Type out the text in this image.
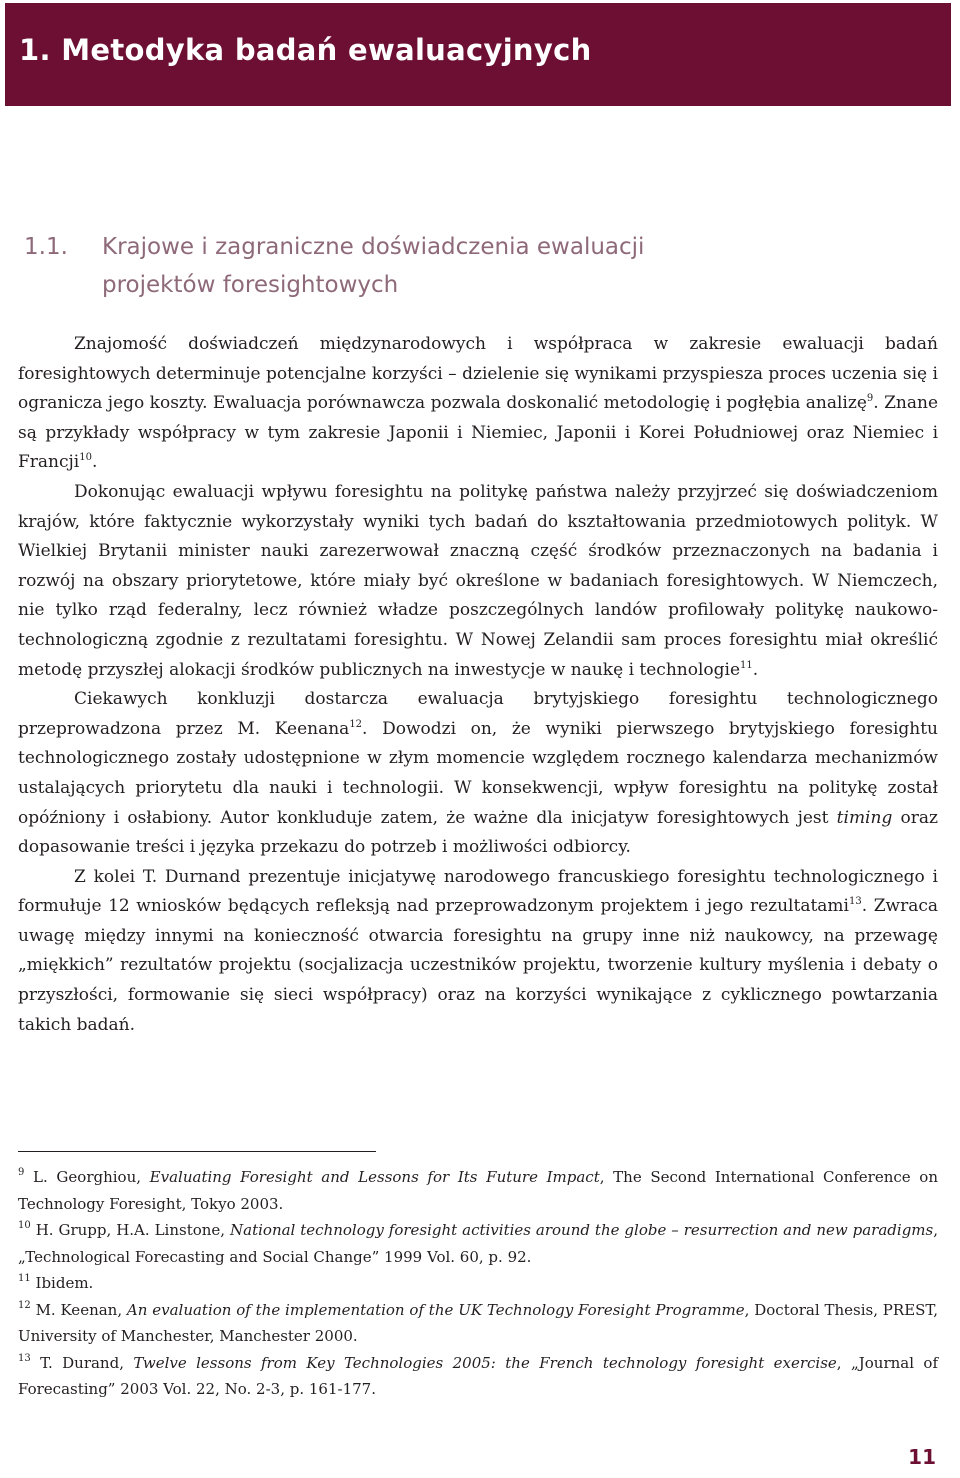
1. Metodyka badań ewaluacyjnych
1.1. Krajowe i zagraniczne doświadczenia ewaluacji
projektów foresightowych

Znajomość doświadczeń międzynarodowych i współpraca w zakresie ewaluacji badań foresightowych determinuje potencjalne korzyści – dzielenie się wynikami przyspiesza proces uczenia się i ogranicza jego koszty. Ewaluacja porównawcza pozwala doskonalić metodologię i pogłębia analizę$^9$. Znane są przykłady współpracy w tym zakresie Japonii i Niemiec, Japonii i Korei Południowej oraz Niemiec i Francji$^{10}$.

Dokonując ewaluacji wpływu foresightu na politykę państwa należy przyjrzeć się doświadczeniom krajów, które faktycznie wykorzystały wyniki tych badań do kształtowania przedmiotowych polityk. W Wielkiej Brytanii minister nauki zarezerwował znaczną część środków przeznaczonych na badania i rozwój na obszary priorytetowe, które miały być określone w badaniach foresightowych. W Niemczech, nie tylko rząd federalny, lecz również władze poszczególnych landów profilowały politykę naukowo-technologiczną zgodnie z rezultatami foresightu. W Nowej Zelandii sam proces foresightu miał określić metodę przyszłej alokacji środków publicznych na inwestycje w naukę i technologie$^{11}$.

Ciekawych konkluzji dostarcza ewaluacja brytyjskiego foresightu technologicznego przeprowadzona przez M. Keenana$^{12}$. Dowodzi on, że wyniki pierwszego brytyjskiego foresightu technologicznego zostały udostępnione w złym momencie względem rocznego kalendarza mechanizmów ustalających priorytetu dla nauki i technologii. W konsekwencji, wpływ foresightu na politykę został opóźniony i osłabiony. Autor konkluduje zatem, że ważne dla inicjatyw foresightowych jest timing oraz dopasowanie treści i języka przekazu do potrzeb i możliwości odbiorcy.

Z kolei T. Durnand prezentuje inicjatywę narodowego francuskiego foresightu technologicznego i formułuje 12 wniosków będących refleksją nad przeprowadzonym projektem i jego rezultatami$^{13}$. Zwraca uwagę między innymi na konieczność otwarcia foresightu na grupy inne niż naukowcy, na przewagę „miękkich” rezultatów projektu (socjalizacja uczestników projektu, tworzenie kultury myślenia i debaty o przyszłości, formowanie się sieci współpracy) oraz na korzyści wynikające z cyklicznego powtarzania takich badań.

$^9$ L. Georghiou, Evaluating Foresight and Lessons for Its Future Impact, The Second International Conference on Technology Foresight, Tokyo 2003.

$^{10}$ H. Grupp, H.A. Linstone, National technology foresight activities around the globe – resurrection and new paradigms, „Technological Forecasting and Social Change” 1999 Vol. 60, p. 92.

$^{11}$ Ibidem.

$^{12}$ M. Keenan, An evaluation of the implementation of the UK Technology Foresight Programme, Doctoral Thesis, PREST, University of Manchester, Manchester 2000.

$^{13}$ T. Durand, Twelve lessons from Key Technologies 2005: the French technology foresight exercise, „Journal of Forecasting” 2003 Vol. 22, No. 2-3, p. 161-177.

11
